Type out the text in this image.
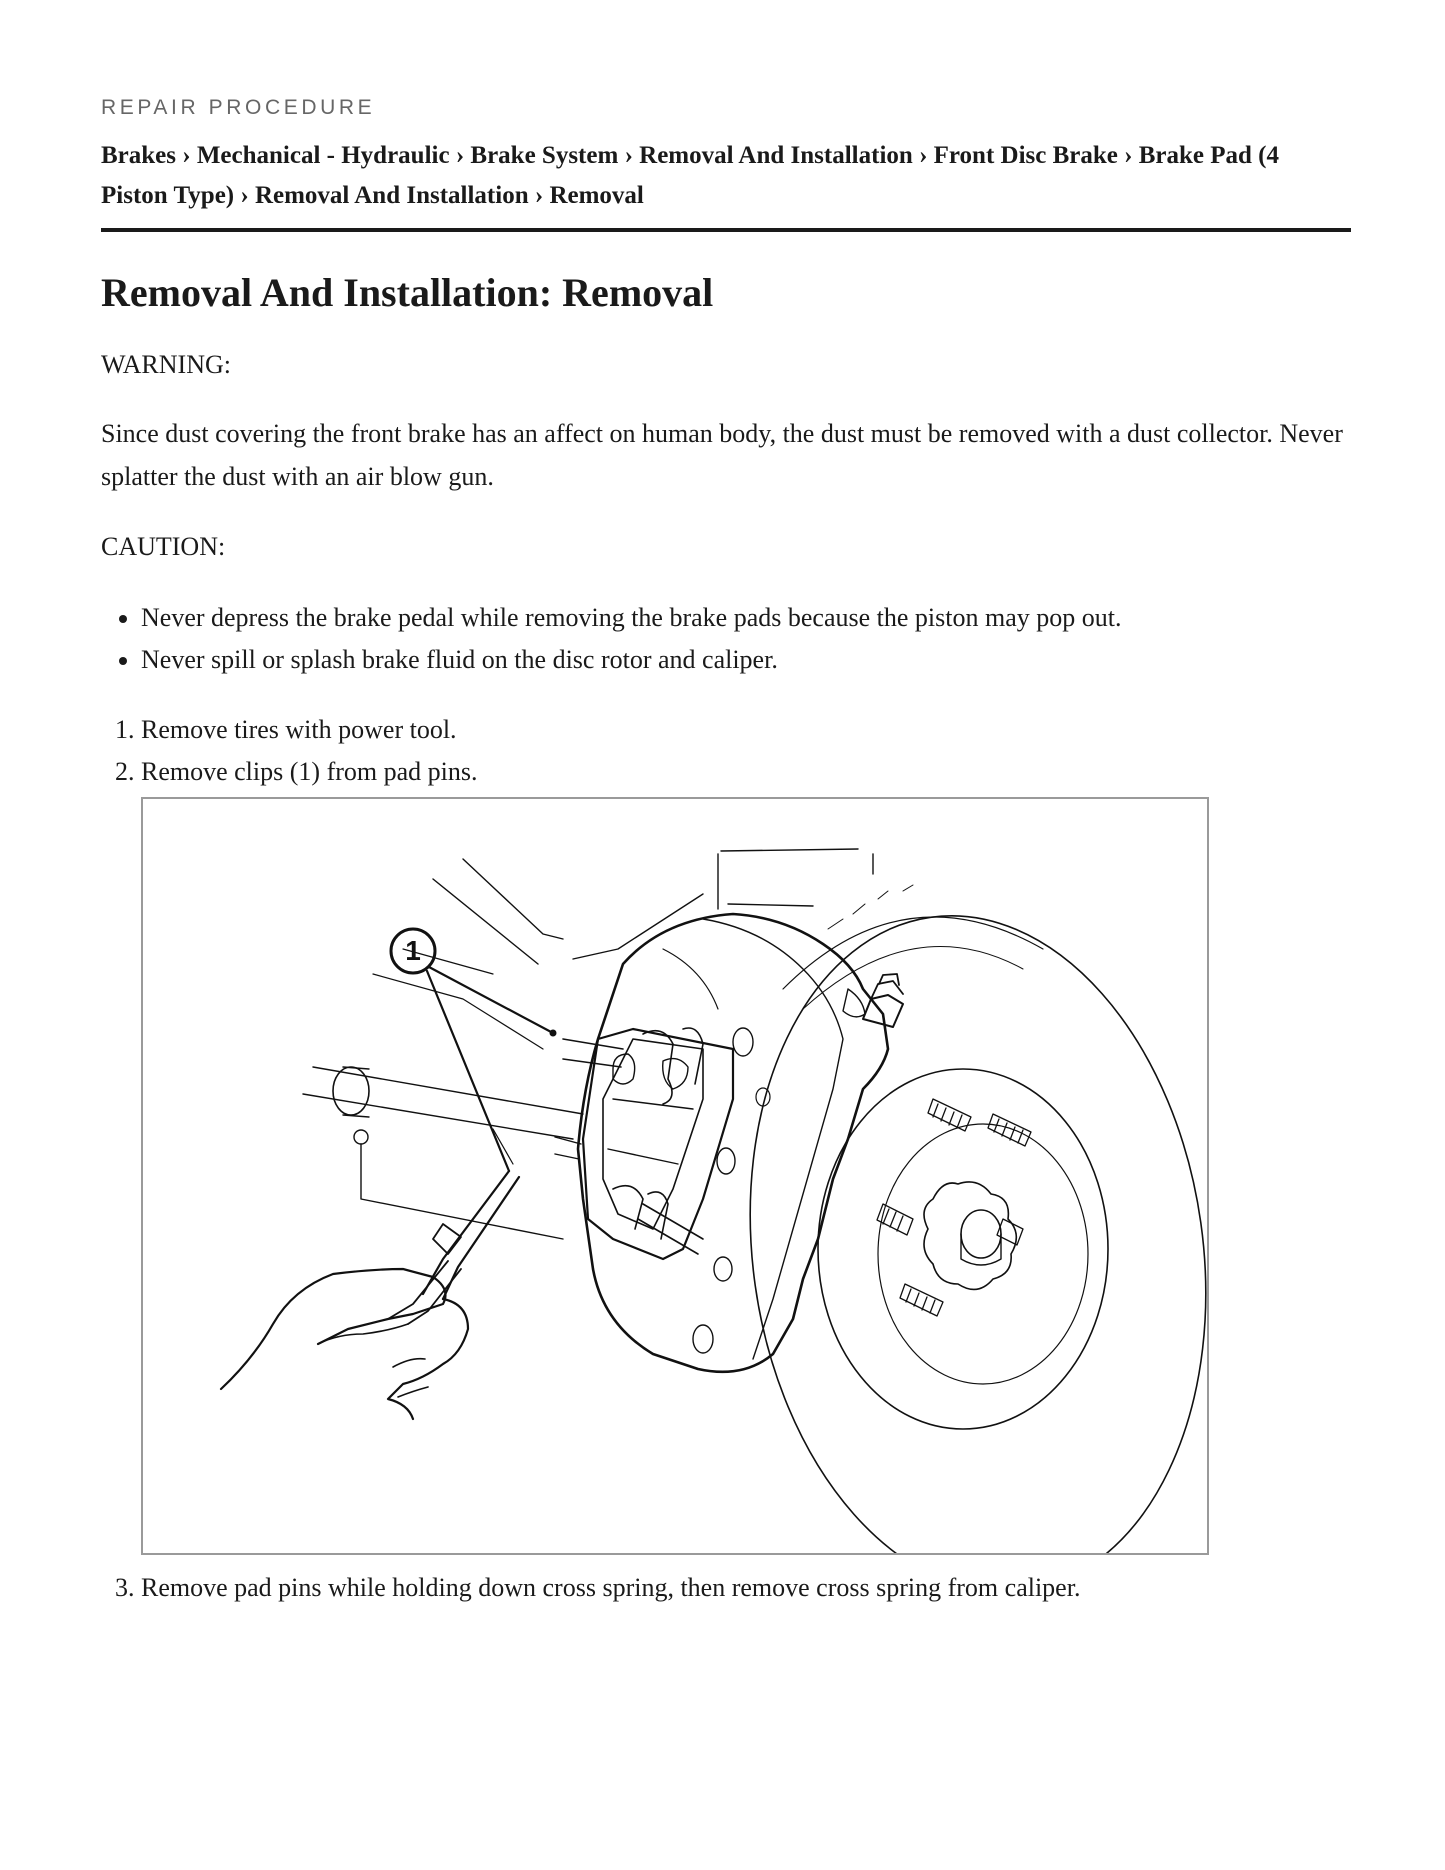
REPAIR PROCEDURE
Brakes › Mechanical - Hydraulic › Brake System › Removal And Installation › Front Disc Brake › Brake Pad (4 Piston Type) › Removal And Installation › Removal
Removal And Installation: Removal
WARNING:
Since dust covering the front brake has an affect on human body, the dust must be removed with a dust collector. Never splatter the dust with an air blow gun.
CAUTION:
• Never depress the brake pedal while removing the brake pads because the piston may pop out.
• Never spill or splash brake fluid on the disc rotor and caliper.
1. Remove tires with power tool.
2. Remove clips (1) from pad pins.
1
3. Remove pad pins while holding down cross spring, then remove cross spring from caliper.
